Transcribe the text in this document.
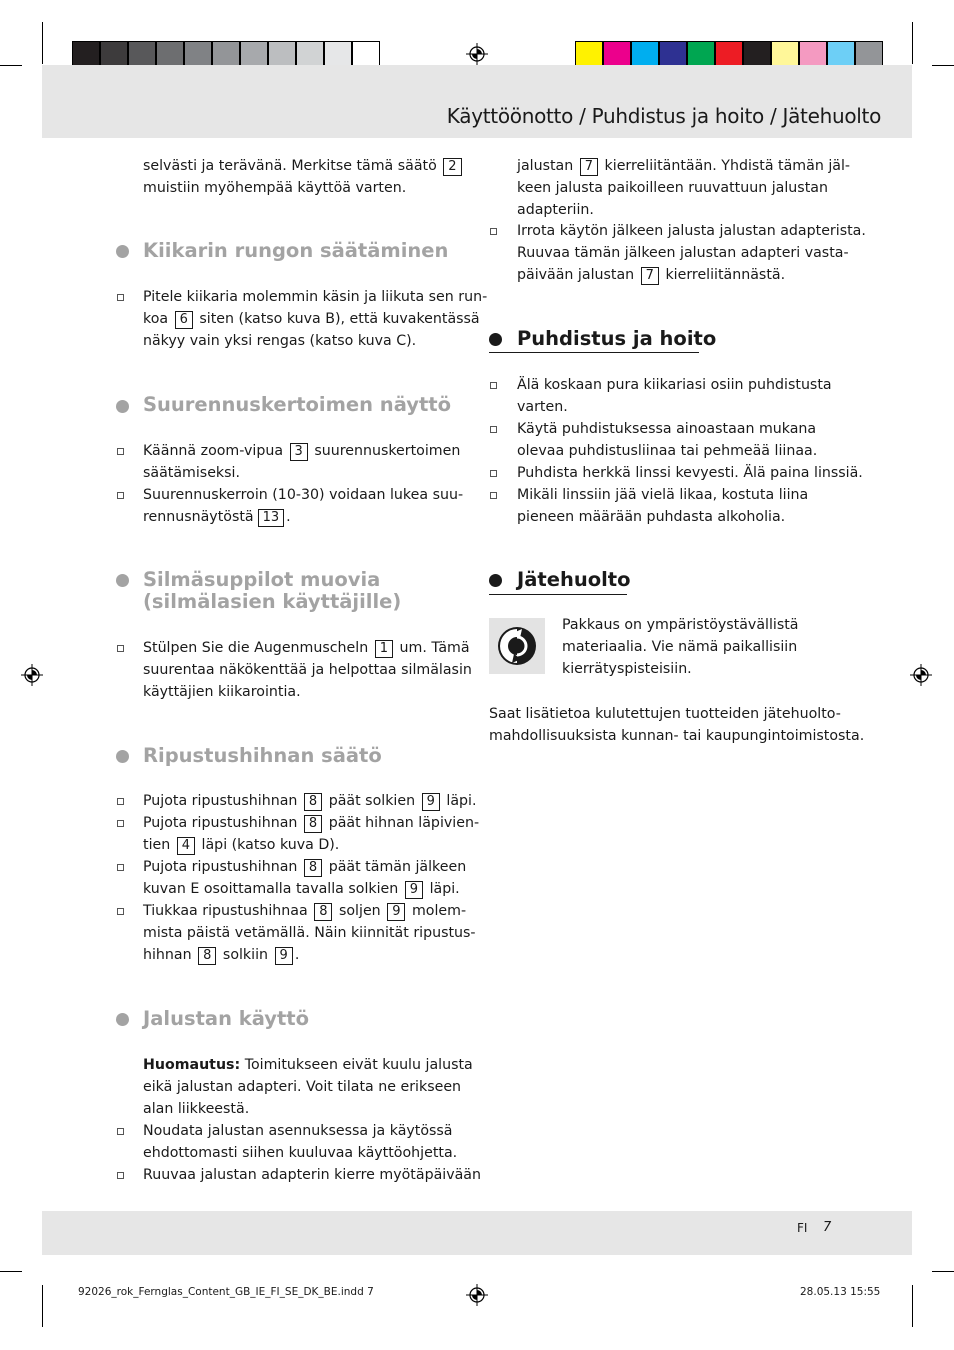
Käyttöönotto / Puhdistus ja hoito / Jätehuolto
FI 7
92026_rok_Fernglas_Content_GB_IE_FI_SE_DK_BE.indd 7	28.05.13 15:55
selvästi ja terävänä. Merkitse tämä säätö 2
muistiin myöhempää käyttöä varten.
Kiikarin rungon säätäminen
Pitele kiikaria molemmin käsin ja liikuta sen run-
koa 6 siten (katso kuva B), että kuvakentässä
näkyy vain yksi rengas (katso kuva C).
Suurennuskertoimen näyttö
Käännä zoom-vipua 3 suurennuskertoimen
säätämiseksi.
Suurennuskerroin (10-30) voidaan lukea suu-
rennusnäytöstä 13 .
Silmäsuppilot muovia
(silmälasien käyttäjille)
Stülpen Sie die Augenmuscheln 1 um. Tämä
suurentaa näkökenttää ja helpottaa silmälasin
käyttäjien kiikarointia.
Ripustushihnan säätö
Pujota ripustushihnan 8 päät solkien 9 läpi.
Pujota ripustushihnan 8 päät hihnan läpivien-
tien 4 läpi (katso kuva D).
Pujota ripustushihnan 8 päät tämän jälkeen
kuvan E osoittamalla tavalla solkien 9 läpi.
Tiukkaa ripustushihnaa 8 soljen 9 molem-
mista päistä vetämällä. Näin kiinnität ripustus-
hihnan 8 solkiin 9 .
Jalustan käyttö
Huomautus: Toimitukseen eivät kuulu jalusta
eikä jalustan adapteri. Voit tilata ne erikseen
alan liikkeestä.
Noudata jalustan asennuksessa ja käytössä
ehdottomasti siihen kuuluvaa käyttöohjetta.
Ruuvaa jalustan adapterin kierre myötäpäivään
jalustan 7 kierreliitäntään. Yhdistä tämän jäl-
keen jalusta paikoilleen ruuvattuun jalustan
adapteriin.
Irrota käytön jälkeen jalusta jalustan adapterista.
Ruuvaa tämän jälkeen jalustan adapteri vasta-
päivään jalustan 7 kierreliitännästä.
Puhdistus ja hoito
Älä koskaan pura kiikariasi osiin puhdistusta
varten.
Käytä puhdistuksessa ainoastaan mukana
olevaa puhdistusliinaa tai pehmeää liinaa.
Puhdista herkkä linssi kevyesti. Älä paina linssiä.
Mikäli linssiin jää vielä likaa, kostuta liina
pieneen määrään puhdasta alkoholia.
Jätehuolto
Pakkaus on ympäristöystävällistä
materiaalia. Vie nämä paikallisiin
kierrätyspisteisiin.
Saat lisätietoa kulutettujen tuotteiden jätehuolto-
mahdollisuuksista kunnan- tai kaupungintoimistosta.
